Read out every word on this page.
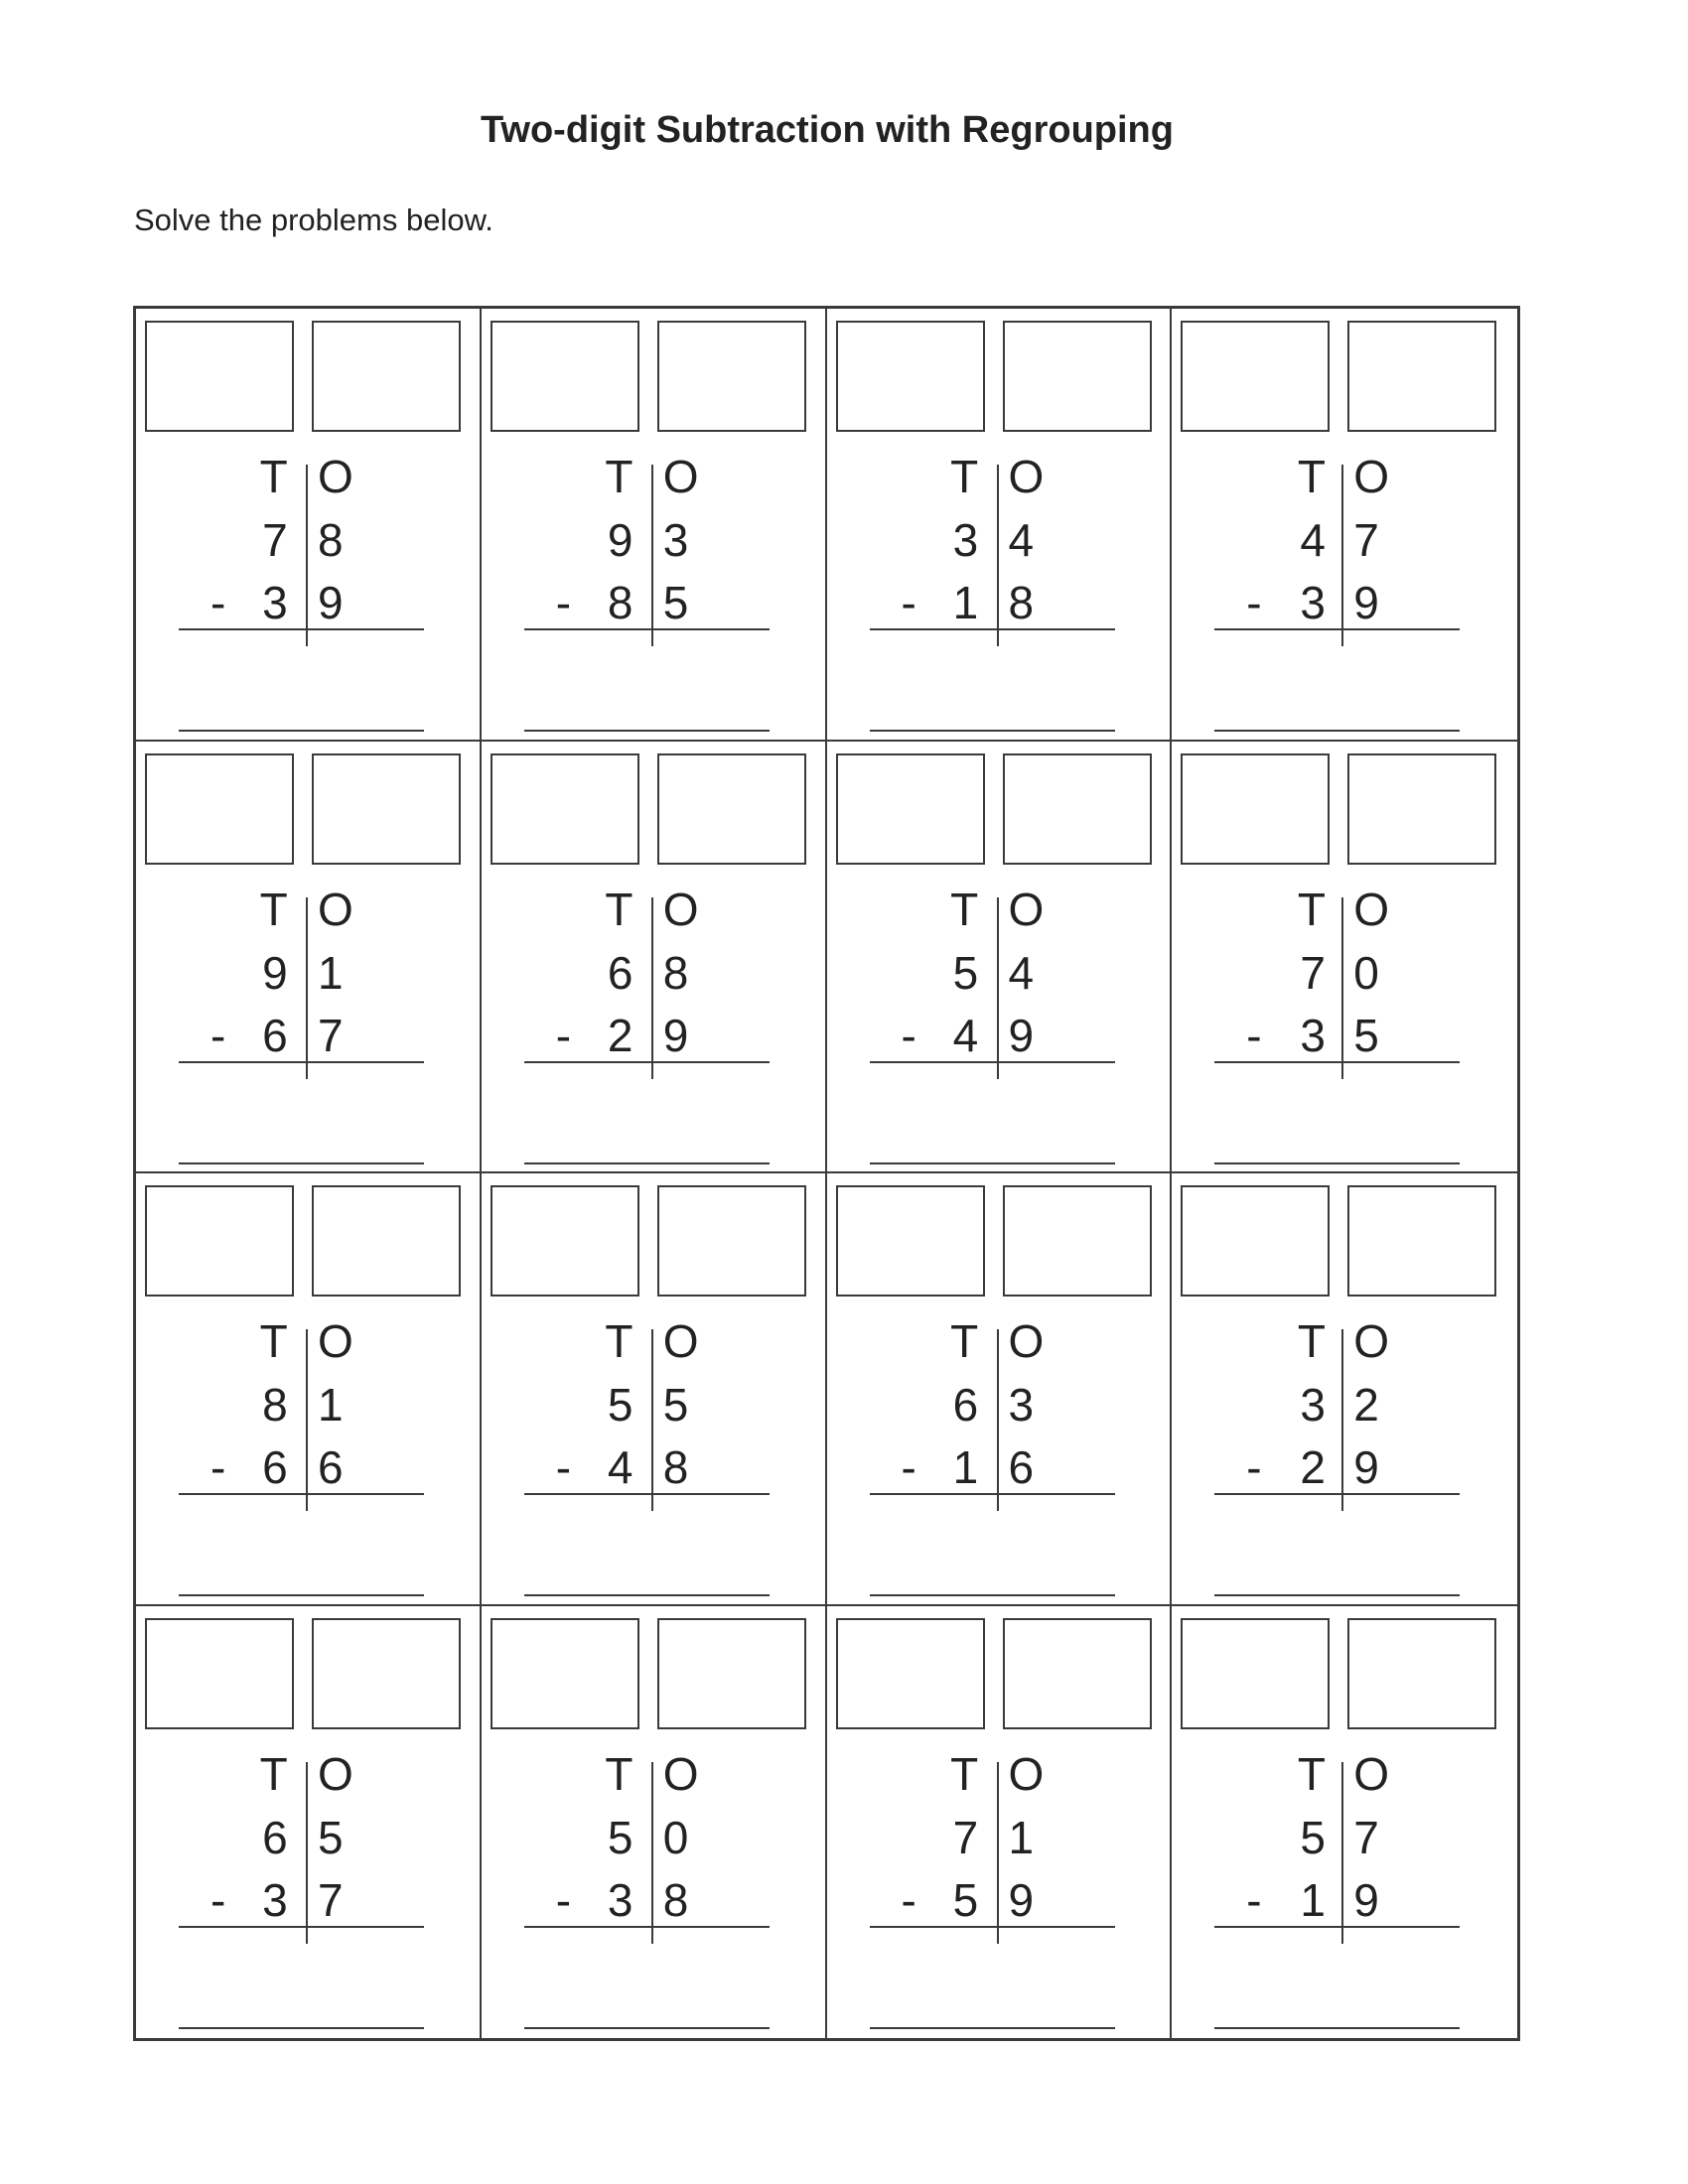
Two-digit Subtraction with Regrouping
Solve the problems below.
T O
7 8
- 3 9
T O
9 3
- 8 5
T O
3 4
- 1 8
T O
4 7
- 3 9
T O
9 1
- 6 7
T O
6 8
- 2 9
T O
5 4
- 4 9
T O
7 0
- 3 5
T O
8 1
- 6 6
T O
5 5
- 4 8
T O
6 3
- 1 6
T O
3 2
- 2 9
T O
6 5
- 3 7
T O
5 0
- 3 8
T O
7 1
- 5 9
T O
5 7
- 1 9
